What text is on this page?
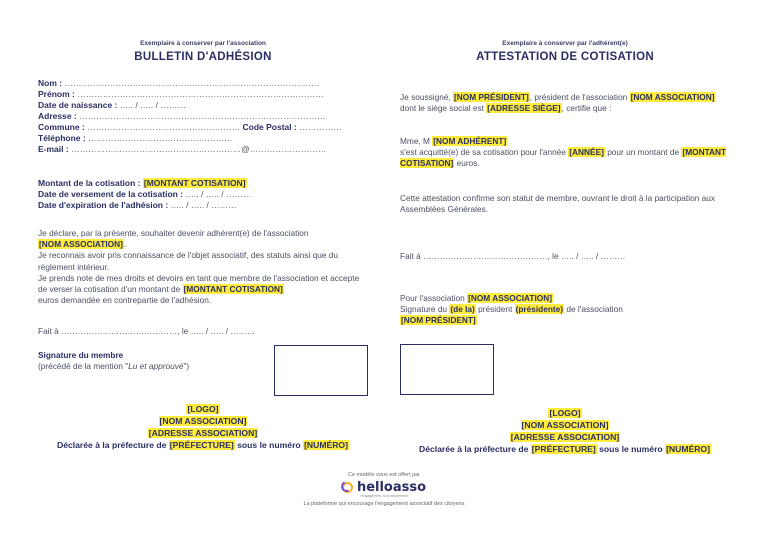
Exemplaire à conserver par l'association
BULLETIN D'ADHÉSION
Nom : ………………………………………………………………………………
Prénom : ……………………………………………………………………………
Date de naissance : ….. / ….. / ………
Adresse : ……………………………………………………………………………
Commune : ……………………………………………… Code Postal : ……………
Téléphone : ……………………………………………
E-mail : ……………………………………………………@………………………
Montant de la cotisation : [MONTANT COTISATION]
Date de versement de la cotisation : ….. / ….. / ………
Date d'expiration de l'adhésion : ….. / ….. / ………
Je déclare, par la présente, souhaiter devenir adhérent(e) de l'association
[NOM ASSOCIATION].
Je reconnais avoir pris connaissance de l'objet associatif, des statuts ainsi que du règlement intérieur.
Je prends note de mes droits et devoirs en tant que membre de l'association et accepte de verser la cotisation d'un montant de [MONTANT COTISATION]
euros demandée en contrepartie de l'adhésion.
Fait à ……………………………………, le ….. / ….. / ………
Signature du membre
(précédé de la mention "Lu et approuvé")
[LOGO]
[NOM ASSOCIATION]
[ADRESSE ASSOCIATION]
Déclarée à la préfecture de [PRÉFECTURE] sous le numéro [NUMÉRO]
Exemplaire à conserver par l'adhérent(e)
ATTESTATION DE COTISATION
Je soussigné, [NOM PRÉSIDENT], président de l'association [NOM ASSOCIATION] dont le siège social est [ADRESSE SIÈGE], certifie que :
Mme, M [NOM ADHÉRENT]
s'est acquitté(e) de sa cotisation pour l'année [ANNÉE] pour un montant de [MONTANT COTISATION] euros.
Cette attestation confirme son statut de membre, ouvrant le droit à la participation aux Assemblées Générales.
Fait à ………………………………………, le ….. / ….. / ………
Pour l'association [NOM ASSOCIATION]
Signature du (de la) président (présidente) de l'association
[NOM PRÉSIDENT]
[LOGO]
[NOM ASSOCIATION]
[ADRESSE ASSOCIATION]
Déclarée à la préfecture de [PRÉFECTURE] sous le numéro [NUMÉRO]
Ce modèle vous est offert par
helloasso
l'engagement, tout simplement
La plateforme qui encourage l'engagement associatif des citoyens
